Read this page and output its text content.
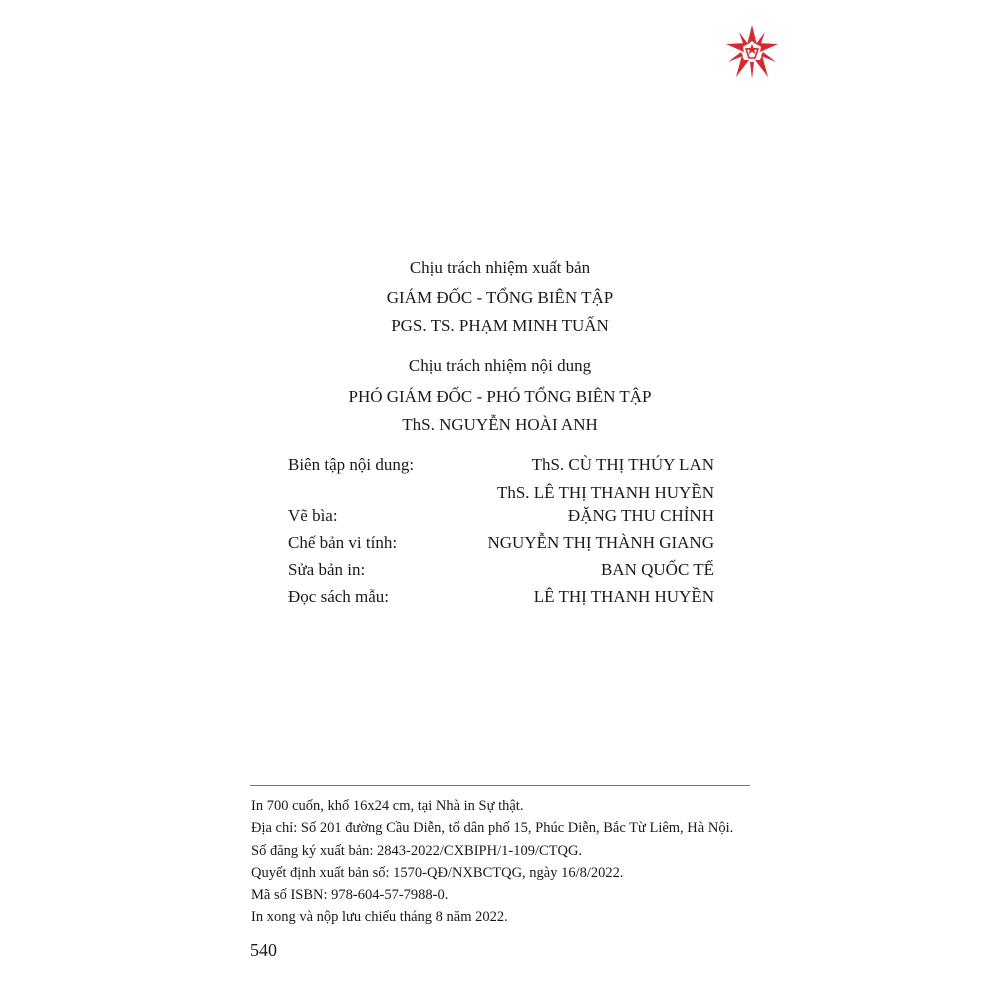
Chịu trách nhiệm xuất bản
GIÁM ĐỐC - TỔNG BIÊN TẬP
PGS. TS. PHẠM MINH TUẤN
Chịu trách nhiệm nội dung
PHÓ GIÁM ĐỐC - PHÓ TỔNG BIÊN TẬP
ThS. NGUYỄN HOÀI ANH
Biên tập nội dung:	ThS. CÙ THỊ THÚY LAN
ThS. LÊ THỊ THANH HUYỀN
Vẽ bìa:	ĐẶNG THU CHỈNH
Chế bản vi tính:	NGUYỄN THỊ THÀNH GIANG
Sửa bản in:	BAN QUỐC TẾ
Đọc sách mẫu:	LÊ THỊ THANH HUYỀN
In 700 cuốn, khổ 16x24 cm, tại Nhà in Sự thật.
Địa chỉ: Số 201 đường Cầu Diễn, tổ dân phố 15, Phúc Diễn, Bắc Từ Liêm, Hà Nội.
Số đăng ký xuất bản: 2843-2022/CXBIPH/1-109/CTQG.
Quyết định xuất bản số: 1570-QĐ/NXBCTQG, ngày 16/8/2022.
Mã số ISBN: 978-604-57-7988-0.
In xong và nộp lưu chiểu tháng 8 năm 2022.
540
